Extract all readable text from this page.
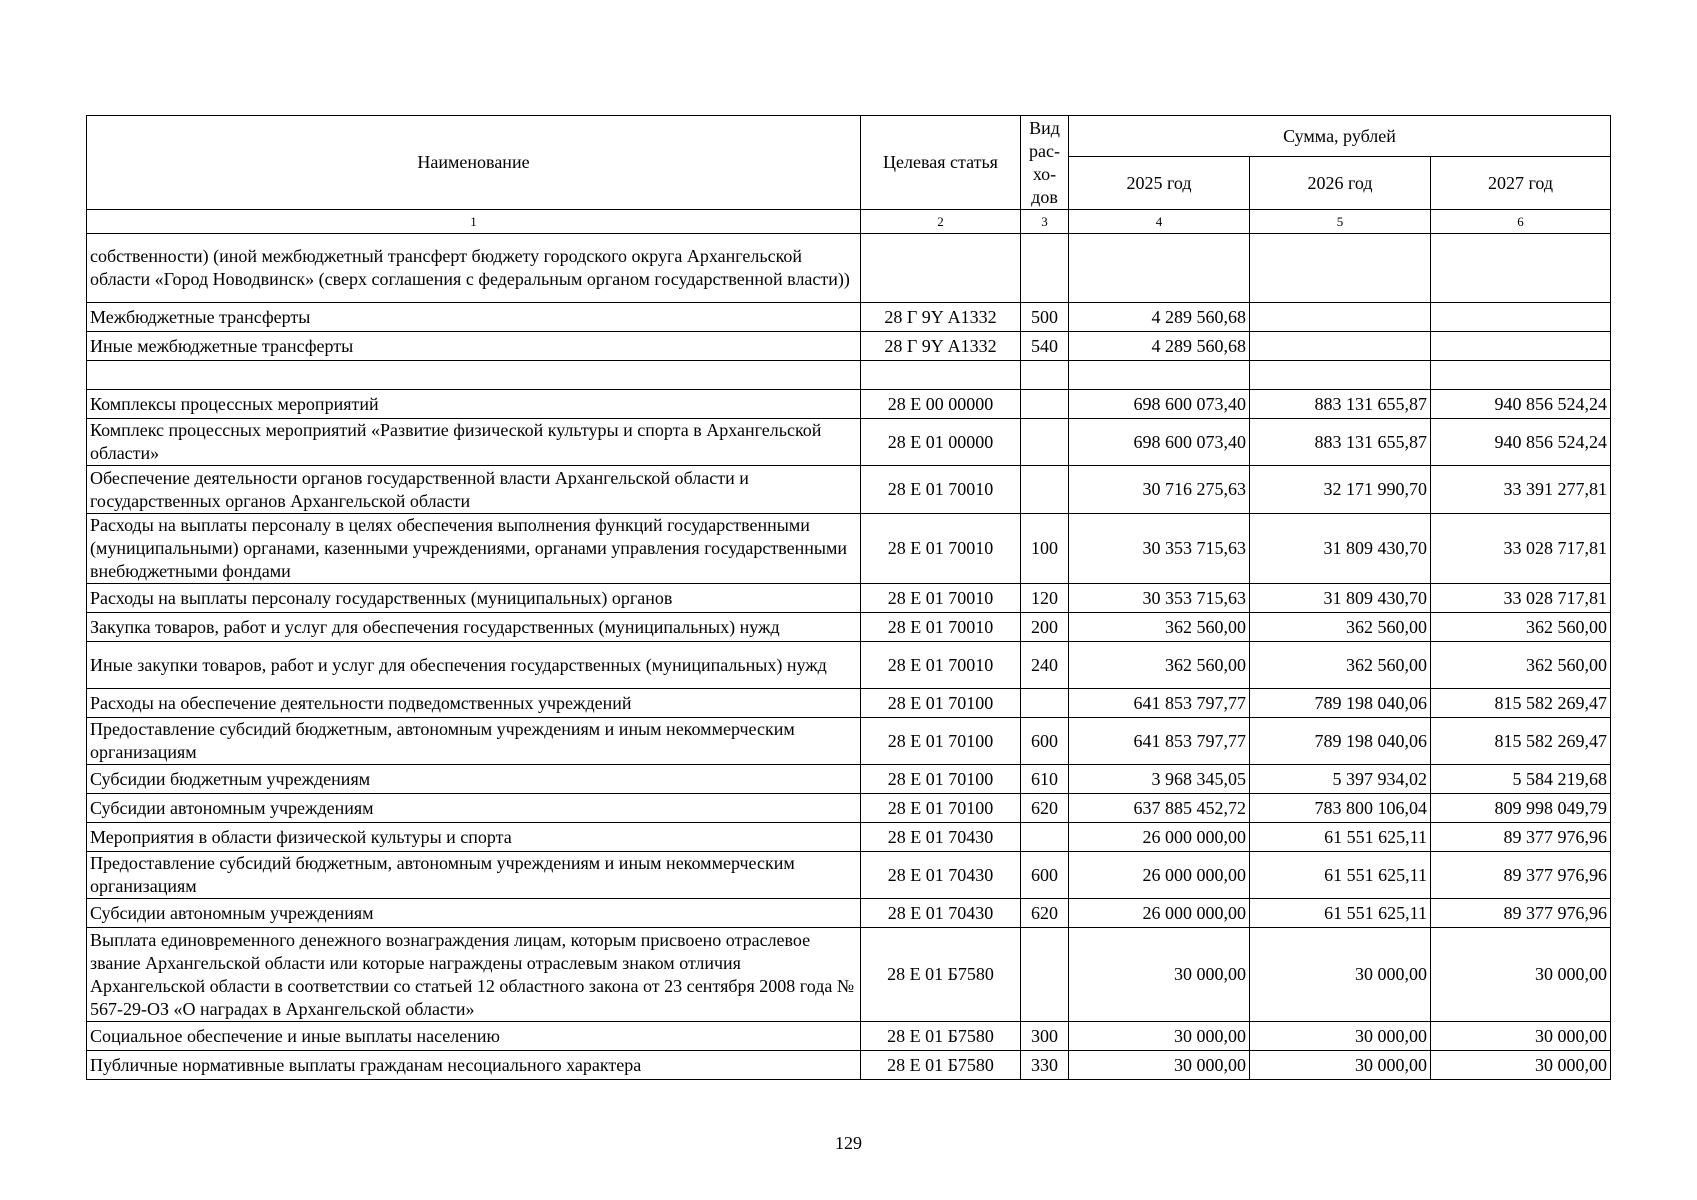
Наименование	Целевая статья	Вид рас-хо-дов	Сумма, рублей		
			2025 год	2026 год	2027 год
1	2	3	4	5	6
собственности) (иной межбюджетный трансферт бюджету городского округа Архангельской области «Город Новодвинск» (сверх соглашения с федеральным органом государственной власти))					
Межбюджетные трансферты	28 Г 9Y А1332	500	4 289 560,68		
Иные межбюджетные трансферты	28 Г 9Y А1332	540	4 289 560,68		

Комплексы процессных мероприятий	28 Е 00 00000		698 600 073,40	883 131 655,87	940 856 524,24
Комплекс процессных мероприятий «Развитие физической культуры и спорта в Архангельской области»	28 Е 01 00000		698 600 073,40	883 131 655,87	940 856 524,24
Обеспечение деятельности органов государственной власти Архангельской области и государственных органов Архангельской области	28 Е 01 70010		30 716 275,63	32 171 990,70	33 391 277,81
Расходы на выплаты персоналу в целях обеспечения выполнения функций государственными (муниципальными) органами, казенными учреждениями, органами управления государственными внебюджетными фондами	28 Е 01 70010	100	30 353 715,63	31 809 430,70	33 028 717,81
Расходы на выплаты персоналу государственных (муниципальных) органов	28 Е 01 70010	120	30 353 715,63	31 809 430,70	33 028 717,81
Закупка товаров, работ и услуг для обеспечения государственных (муниципальных) нужд	28 Е 01 70010	200	362 560,00	362 560,00	362 560,00
Иные закупки товаров, работ и услуг для обеспечения государственных (муниципальных) нужд	28 Е 01 70010	240	362 560,00	362 560,00	362 560,00
Расходы на обеспечение деятельности подведомственных учреждений	28 Е 01 70100		641 853 797,77	789 198 040,06	815 582 269,47
Предоставление субсидий бюджетным, автономным учреждениям и иным некоммерческим организациям	28 Е 01 70100	600	641 853 797,77	789 198 040,06	815 582 269,47
Субсидии бюджетным учреждениям	28 Е 01 70100	610	3 968 345,05	5 397 934,02	5 584 219,68
Субсидии автономным учреждениям	28 Е 01 70100	620	637 885 452,72	783 800 106,04	809 998 049,79
Мероприятия в области физической культуры и спорта	28 Е 01 70430		26 000 000,00	61 551 625,11	89 377 976,96
Предоставление субсидий бюджетным, автономным учреждениям и иным некоммерческим организациям	28 Е 01 70430	600	26 000 000,00	61 551 625,11	89 377 976,96
Субсидии автономным учреждениям	28 Е 01 70430	620	26 000 000,00	61 551 625,11	89 377 976,96
Выплата единовременного денежного вознаграждения лицам, которым присвоено отраслевое звание Архангельской области или которые награждены отраслевым знаком отличия Архангельской области в соответствии со статьей 12 областного закона от 23 сентября 2008 года № 567-29-ОЗ «О наградах в Архангельской области»	28 Е 01 Б7580		30 000,00	30 000,00	30 000,00
Социальное обеспечение и иные выплаты населению	28 Е 01 Б7580	300	30 000,00	30 000,00	30 000,00
Публичные нормативные выплаты гражданам несоциального характера	28 Е 01 Б7580	330	30 000,00	30 000,00	30 000,00
129
